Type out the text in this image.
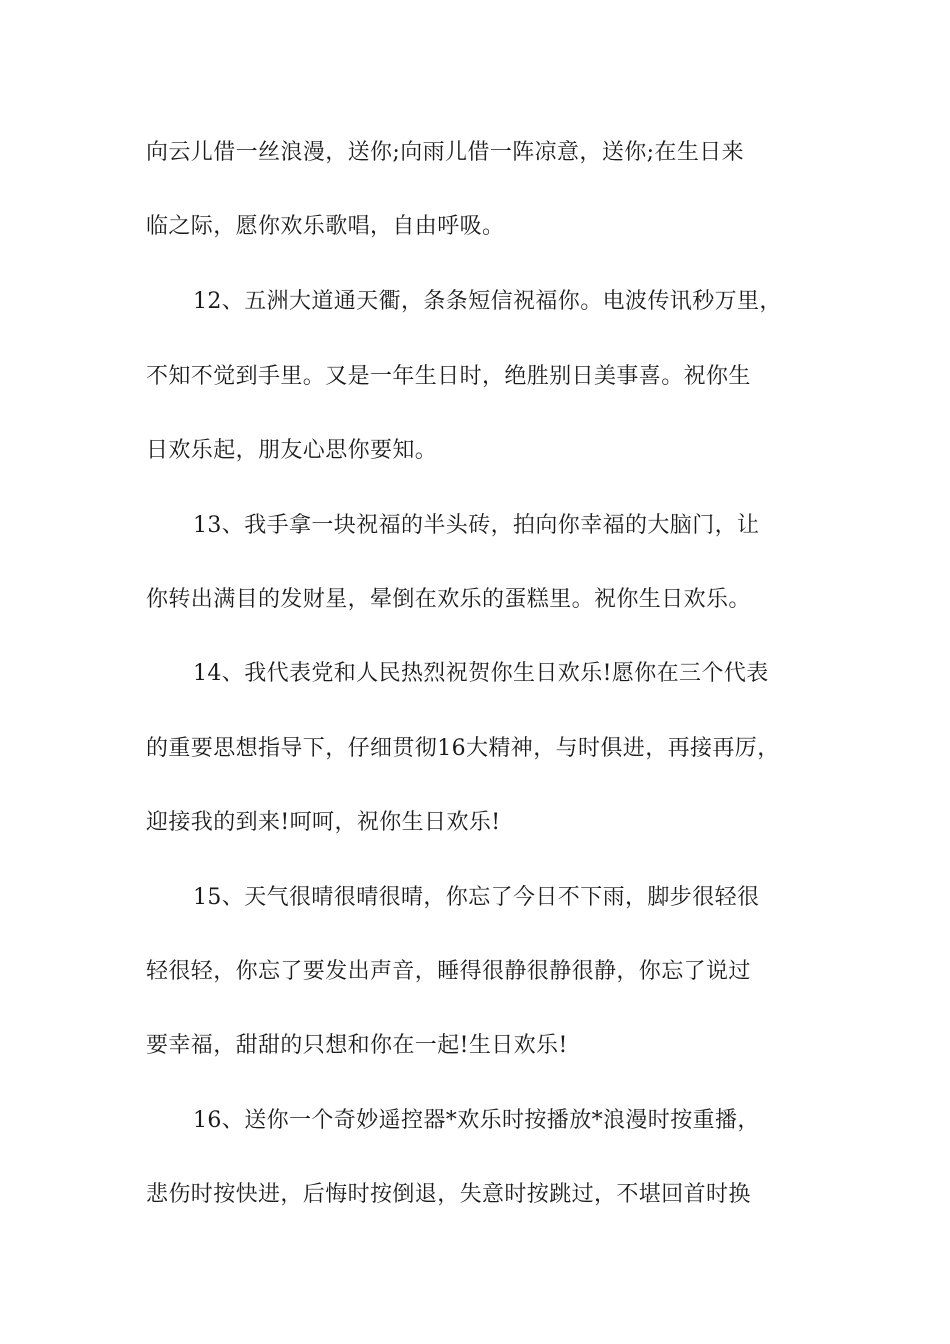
向云儿借一丝浪漫，送你;向雨儿借一阵凉意，送你;在生日来
临之际，愿你欢乐歌唱，自由呼吸。
12、五洲大道通天衢，条条短信祝福你。电波传讯秒万里，
不知不觉到手里。又是一年生日时，绝胜别日美事喜。祝你生
日欢乐起，朋友心思你要知。
13、我手拿一块祝福的半头砖，拍向你幸福的大脑门，让
你转出满目的发财星，晕倒在欢乐的蛋糕里。祝你生日欢乐。
14、我代表党和人民热烈祝贺你生日欢乐!愿你在三个代表
的重要思想指导下，仔细贯彻16大精神，与时俱进，再接再厉，
迎接我的到来!呵呵，祝你生日欢乐!
15、天气很晴很晴很晴，你忘了今日不下雨，脚步很轻很
轻很轻，你忘了要发出声音，睡得很静很静很静，你忘了说过
要幸福，甜甜的只想和你在一起!生日欢乐!
16、送你一个奇妙遥控器*欢乐时按播放*浪漫时按重播，
悲伤时按快进，后悔时按倒退，失意时按跳过，不堪回首时换
